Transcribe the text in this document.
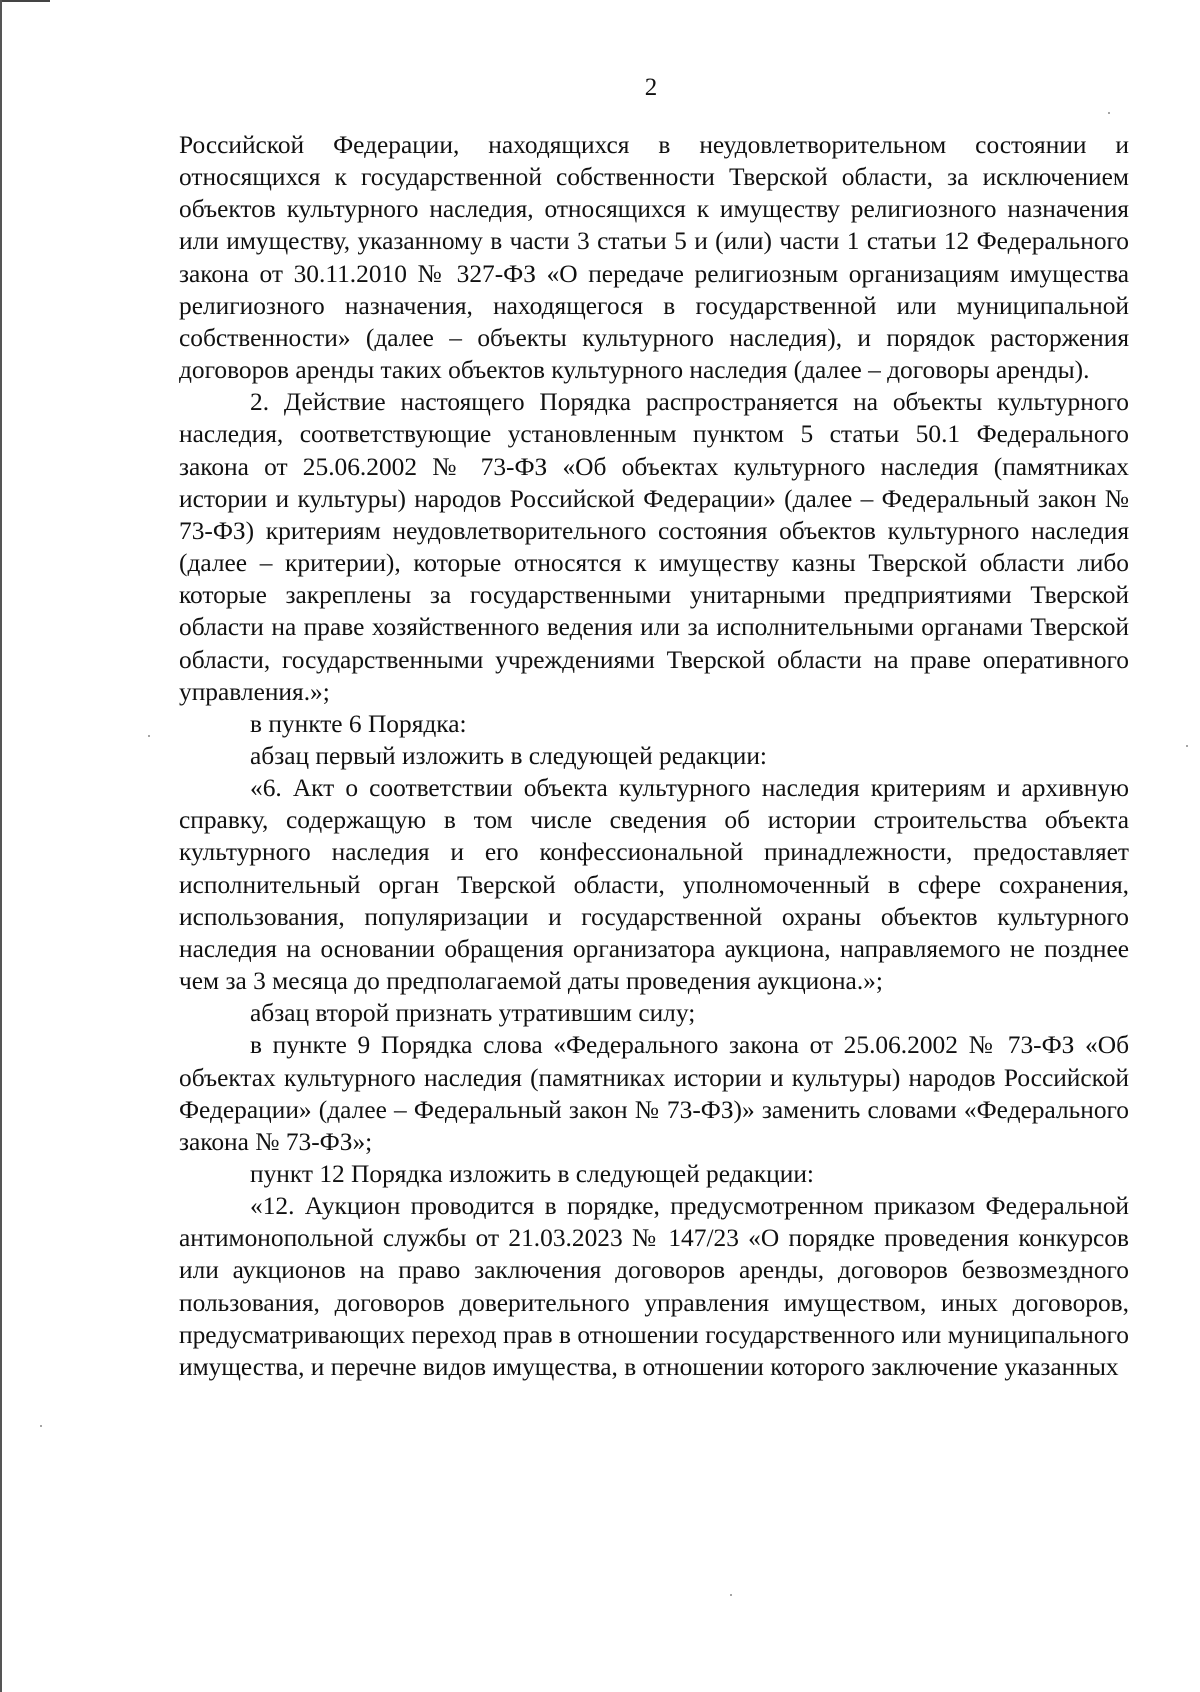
2

Российской Федерации, находящихся в неудовлетворительном состоянии и относящихся к государственной собственности Тверской области, за исключением объектов культурного наследия, относящихся к имуществу религиозного назначения или имуществу, указанному в части 3 статьи 5 и (или) части 1 статьи 12 Федерального закона от 30.11.2010 № 327-ФЗ «О передаче религиозным организациям имущества религиозного назначения, находящегося в государственной или муниципальной собственности» (далее – объекты культурного наследия), и порядок расторжения договоров аренды таких объектов культурного наследия (далее – договоры аренды).

2. Действие настоящего Порядка распространяется на объекты культурного наследия, соответствующие установленным пунктом 5 статьи 50.1 Федерального закона от 25.06.2002 № 73-ФЗ «Об объектах культурного наследия (памятниках истории и культуры) народов Российской Федерации» (далее – Федеральный закон № 73-ФЗ) критериям неудовлетворительного состояния объектов культурного наследия (далее – критерии), которые относятся к имуществу казны Тверской области либо которые закреплены за государственными унитарными предприятиями Тверской области на праве хозяйственного ведения или за исполнительными органами Тверской области, государственными учреждениями Тверской области на праве оперативного управления.»;

в пункте 6 Порядка:

абзац первый изложить в следующей редакции:

«6. Акт о соответствии объекта культурного наследия критериям и архивную справку, содержащую в том числе сведения об истории строительства объекта культурного наследия и его конфессиональной принадлежности, предоставляет исполнительный орган Тверской области, уполномоченный в сфере сохранения, использования, популяризации и государственной охраны объектов культурного наследия на основании обращения организатора аукциона, направляемого не позднее чем за 3 месяца до предполагаемой даты проведения аукциона.»;

абзац второй признать утратившим силу;

в пункте 9 Порядка слова «Федерального закона от 25.06.2002 № 73-ФЗ «Об объектах культурного наследия (памятниках истории и культуры) народов Российской Федерации» (далее – Федеральный закон № 73-ФЗ)» заменить словами «Федерального закона № 73-ФЗ»;

пункт 12 Порядка изложить в следующей редакции:

«12. Аукцион проводится в порядке, предусмотренном приказом Федеральной антимонопольной службы от 21.03.2023 № 147/23 «О порядке проведения конкурсов или аукционов на право заключения договоров аренды, договоров безвозмездного пользования, договоров доверительного управления имуществом, иных договоров, предусматривающих переход прав в отношении государственного или муниципального имущества, и перечне видов имущества, в отношении которого заключение указанных
